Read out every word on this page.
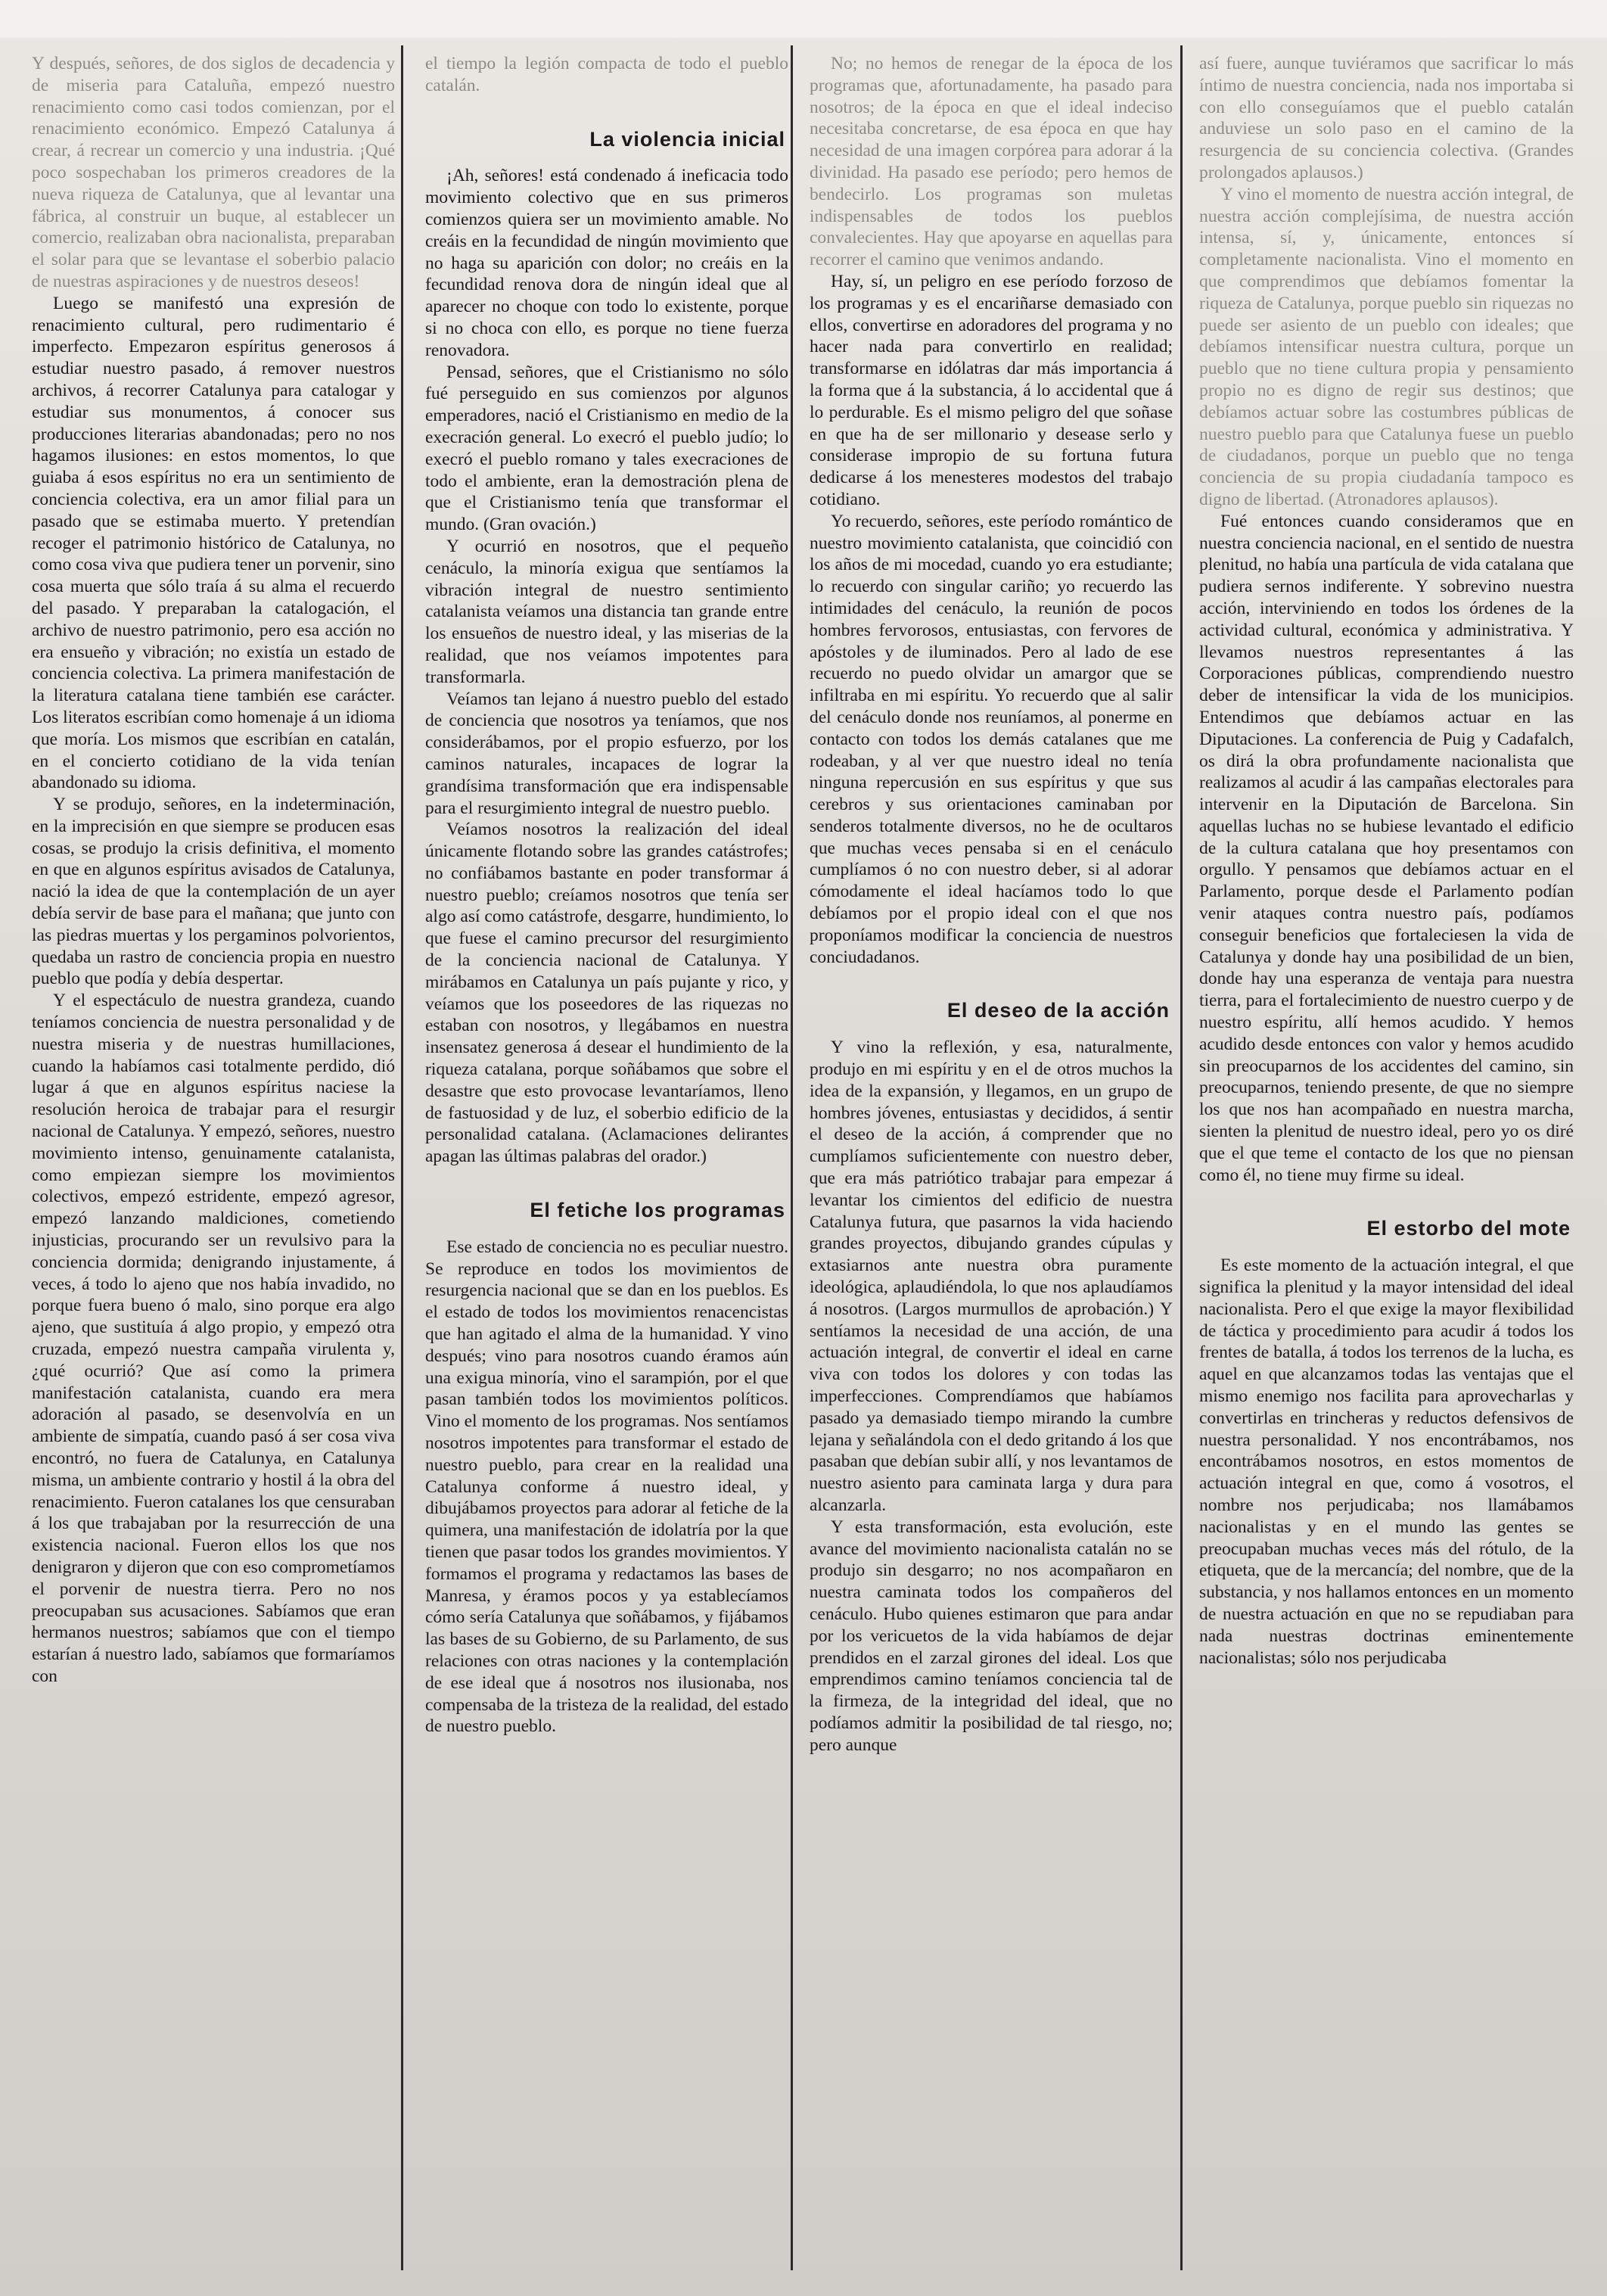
Y después, señores, de dos siglos de decadencia y de miseria para Cataluña, empezó nuestro renacimiento como casi todos comienzan, por el renacimiento económico. Empezó Catalunya á crear, á recrear un comercio y una industria. ¡Qué poco sospechaban los primeros creadores de la nueva riqueza de Catalunya, que al levantar una fábrica, al construir un buque, al establecer un comercio, realizaban obra nacionalista, preparaban el solar para que se levantase el soberbio palacio de nuestras aspiraciones y de nuestros deseos!

Luego se manifestó una expresión de renacimiento cultural, pero rudimentario é imperfecto. Empezaron espíritus generosos á estudiar nuestro pasado, á remover nuestros archivos, á recorrer Catalunya para catalogar y estudiar sus monumentos, á conocer sus producciones literarias abandonadas; pero no nos hagamos ilusiones: en estos momentos, lo que guiaba á esos espíritus no era un sentimiento de conciencia colectiva, era un amor filial para un pasado que se estimaba muerto. Y pretendían recoger el patrimonio histórico de Catalunya, no como cosa viva que pudiera tener un porvenir, sino cosa muerta que sólo traía á su alma el recuerdo del pasado. Y preparaban la catalogación, el archivo de nuestro patrimonio, pero esa acción no era ensueño y vibración; no existía un estado de conciencia colectiva. La primera manifestación de la literatura catalana tiene también ese carácter. Los literatos escribían como homenaje á un idioma que moría. Los mismos que escribían en catalán, en el concierto cotidiano de la vida tenían abandonado su idioma.

Y se produjo, señores, en la indeterminación, en la imprecisión en que siempre se producen esas cosas, se produjo la crisis definitiva, el momento en que en algunos espíritus avisados de Catalunya, nació la idea de que la contemplación de un ayer debía servir de base para el mañana; que junto con las piedras muertas y los pergaminos polvorientos, quedaba un rastro de conciencia propia en nuestro pueblo que podía y debía despertar.

Y el espectáculo de nuestra grandeza, cuando teníamos conciencia de nuestra personalidad y de nuestra miseria y de nuestras humillaciones, cuando la habíamos casi totalmente perdido, dió lugar á que en algunos espíritus naciese la resolución heroica de trabajar para el resurgir nacional de Catalunya. Y empezó, señores, nuestro movimiento intenso, genuinamente catalanista, como empiezan siempre los movimientos colectivos, empezó estridente, empezó agresor, empezó lanzando maldiciones, cometiendo injusticias, procurando ser un revulsivo para la conciencia dormida; denigrando injustamente, á veces, á todo lo ajeno que nos había invadido, no porque fuera bueno ó malo, sino porque era algo ajeno, que sustituía á algo propio, y empezó otra cruzada, empezó nuestra campaña virulenta y, ¿qué ocurrió? Que así como la primera manifestación catalanista, cuando era mera adoración al pasado, se desenvolvía en un ambiente de simpatía, cuando pasó á ser cosa viva encontró, no fuera de Catalunya, en Catalunya misma, un ambiente contrario y hostil á la obra del renacimiento. Fueron catalanes los que censuraban á los que trabajaban por la resurrección de una existencia nacional. Fueron ellos los que nos denigraron y dijeron que con eso comprometíamos el porvenir de nuestra tierra. Pero no nos preocupaban sus acusaciones. Sabíamos que eran hermanos nuestros; sabíamos que con el tiempo estarían á nuestro lado, sabíamos que formaríamos con

el tiempo la legión compacta de todo el pueblo catalán.

La violencia inicial

¡Ah, señores! está condenado á ineficacia todo movimiento colectivo que en sus primeros comienzos quiera ser un movimiento amable. No creáis en la fecundidad de ningún movimiento que no haga su aparición con dolor; no creáis en la fecundidad renova dora de ningún ideal que al aparecer no choque con todo lo existente, porque si no choca con ello, es porque no tiene fuerza renovadora.

Pensad, señores, que el Cristianismo no sólo fué perseguido en sus comienzos por algunos emperadores, nació el Cristianismo en medio de la execración general. Lo execró el pueblo judío; lo execró el pueblo romano y tales execraciones de todo el ambiente, eran la demostración plena de que el Cristianismo tenía que transformar el mundo. (Gran ovación.)

Y ocurrió en nosotros, que el pequeño cenáculo, la minoría exigua que sentíamos la vibración integral de nuestro sentimiento catalanista veíamos una distancia tan grande entre los ensueños de nuestro ideal, y las miserias de la realidad, que nos veíamos impotentes para transformarla.

Veíamos tan lejano á nuestro pueblo del estado de conciencia que nosotros ya teníamos, que nos considerábamos, por el propio esfuerzo, por los caminos naturales, incapaces de lograr la grandísima transformación que era indispensable para el resurgimiento integral de nuestro pueblo.

Veíamos nosotros la realización del ideal únicamente flotando sobre las grandes catástrofes; no confiábamos bastante en poder transformar á nuestro pueblo; creíamos nosotros que tenía ser algo así como catástrofe, desgarre, hundimiento, lo que fuese el camino precursor del resurgimiento de la conciencia nacional de Catalunya. Y mirábamos en Catalunya un país pujante y rico, y veíamos que los poseedores de las riquezas no estaban con nosotros, y llegábamos en nuestra insensatez generosa á desear el hundimiento de la riqueza catalana, porque soñábamos que sobre el desastre que esto provocase levantaríamos, lleno de fastuosidad y de luz, el soberbio edificio de la personalidad catalana. (Aclamaciones delirantes apagan las últimas palabras del orador.)

El fetiche los programas

Ese estado de conciencia no es peculiar nuestro. Se reproduce en todos los movimientos de resurgencia nacional que se dan en los pueblos. Es el estado de todos los movimientos renacencistas que han agitado el alma de la humanidad. Y vino después; vino para nosotros cuando éramos aún una exigua minoría, vino el sarampión, por el que pasan también todos los movimientos políticos. Vino el momento de los programas. Nos sentíamos nosotros impotentes para transformar el estado de nuestro pueblo, para crear en la realidad una Catalunya conforme á nuestro ideal, y dibujábamos proyectos para adorar al fetiche de la quimera, una manifestación de idolatría por la que tienen que pasar todos los grandes movimientos. Y formamos el programa y redactamos las bases de Manresa, y éramos pocos y ya establecíamos cómo sería Catalunya que soñábamos, y fijábamos las bases de su Gobierno, de su Parlamento, de sus relaciones con otras naciones y la contemplación de ese ideal que á nosotros nos ilusionaba, nos compensaba de la tristeza de la realidad, del estado de nuestro pueblo.

No; no hemos de renegar de la época de los programas que, afortunadamente, ha pasado para nosotros; de la época en que el ideal indeciso necesitaba concretarse, de esa época en que hay necesidad de una imagen corpórea para adorar á la divinidad. Ha pasado ese período; pero hemos de bendecirlo. Los programas son muletas indispensables de todos los pueblos convalecientes. Hay que apoyarse en aquellas para recorrer el camino que venimos andando.

Hay, sí, un peligro en ese período forzoso de los programas y es el encariñarse demasiado con ellos, convertirse en adoradores del programa y no hacer nada para convertirlo en realidad; transformarse en idólatras dar más importancia á la forma que á la substancia, á lo accidental que á lo perdurable. Es el mismo peligro del que soñase en que ha de ser millonario y desease serlo y considerase impropio de su fortuna futura dedicarse á los menesteres modestos del trabajo cotidiano.

Yo recuerdo, señores, este período romántico de nuestro movimiento catalanista, que coincidió con los años de mi mocedad, cuando yo era estudiante; lo recuerdo con singular cariño; yo recuerdo las intimidades del cenáculo, la reunión de pocos hombres fervorosos, entusiastas, con fervores de apóstoles y de iluminados. Pero al lado de ese recuerdo no puedo olvidar un amargor que se infiltraba en mi espíritu. Yo recuerdo que al salir del cenáculo donde nos reuníamos, al ponerme en contacto con todos los demás catalanes que me rodeaban, y al ver que nuestro ideal no tenía ninguna repercusión en sus espíritus y que sus cerebros y sus orientaciones caminaban por senderos totalmente diversos, no he de ocultaros que muchas veces pensaba si en el cenáculo cumplíamos ó no con nuestro deber, si al adorar cómodamente el ideal hacíamos todo lo que debíamos por el propio ideal con el que nos proponíamos modificar la conciencia de nuestros conciudadanos.

El deseo de la acción

Y vino la reflexión, y esa, naturalmente, produjo en mi espíritu y en el de otros muchos la idea de la expansión, y llegamos, en un grupo de hombres jóvenes, entusiastas y decididos, á sentir el deseo de la acción, á comprender que no cumplíamos suficientemente con nuestro deber, que era más patriótico trabajar para empezar á levantar los cimientos del edificio de nuestra Catalunya futura, que pasarnos la vida haciendo grandes proyectos, dibujando grandes cúpulas y extasiarnos ante nuestra obra puramente ideológica, aplaudiéndola, lo que nos aplaudíamos á nosotros. (Largos murmullos de aprobación.) Y sentíamos la necesidad de una acción, de una actuación integral, de convertir el ideal en carne viva con todos los dolores y con todas las imperfecciones. Comprendíamos que habíamos pasado ya demasiado tiempo mirando la cumbre lejana y señalándola con el dedo gritando á los que pasaban que debían subir allí, y nos levantamos de nuestro asiento para caminata larga y dura para alcanzarla.

Y esta transformación, esta evolución, este avance del movimiento nacionalista catalán no se produjo sin desgarro; no nos acompañaron en nuestra caminata todos los compañeros del cenáculo. Hubo quienes estimaron que para andar por los vericuetos de la vida habíamos de dejar prendidos en el zarzal girones del ideal. Los que emprendimos camino teníamos conciencia tal de la firmeza, de la integridad del ideal, que no podíamos admitir la posibilidad de tal riesgo, no; pero aunque

así fuere, aunque tuviéramos que sacrificar lo más íntimo de nuestra conciencia, nada nos importaba si con ello conseguíamos que el pueblo catalán anduviese un solo paso en el camino de la resurgencia de su conciencia colectiva. (Grandes prolongados aplausos.)

Y vino el momento de nuestra acción integral, de nuestra acción complejísima, de nuestra acción intensa, sí, y, únicamente, entonces sí completamente nacionalista. Vino el momento en que comprendimos que debíamos fomentar la riqueza de Catalunya, porque pueblo sin riquezas no puede ser asiento de un pueblo con ideales; que debíamos intensificar nuestra cultura, porque un pueblo que no tiene cultura propia y pensamiento propio no es digno de regir sus destinos; que debíamos actuar sobre las costumbres públicas de nuestro pueblo para que Catalunya fuese un pueblo de ciudadanos, porque un pueblo que no tenga conciencia de su propia ciudadanía tampoco es digno de libertad. (Atronadores aplausos).

Fué entonces cuando consideramos que en nuestra conciencia nacional, en el sentido de nuestra plenitud, no había una partícula de vida catalana que pudiera sernos indiferente. Y sobrevino nuestra acción, interviniendo en todos los órdenes de la actividad cultural, económica y administrativa. Y llevamos nuestros representantes á las Corporaciones públicas, comprendiendo nuestro deber de intensificar la vida de los municipios. Entendimos que debíamos actuar en las Diputaciones. La conferencia de Puig y Cadafalch, os dirá la obra profundamente nacionalista que realizamos al acudir á las campañas electorales para intervenir en la Diputación de Barcelona. Sin aquellas luchas no se hubiese levantado el edificio de la cultura catalana que hoy presentamos con orgullo. Y pensamos que debíamos actuar en el Parlamento, porque desde el Parlamento podían venir ataques contra nuestro país, podíamos conseguir beneficios que fortaleciesen la vida de Catalunya y donde hay una posibilidad de un bien, donde hay una esperanza de ventaja para nuestra tierra, para el fortalecimiento de nuestro cuerpo y de nuestro espíritu, allí hemos acudido. Y hemos acudido desde entonces con valor y hemos acudido sin preocuparnos de los accidentes del camino, sin preocuparnos, teniendo presente, de que no siempre los que nos han acompañado en nuestra marcha, sienten la plenitud de nuestro ideal, pero yo os diré que el que teme el contacto de los que no piensan como él, no tiene muy firme su ideal.

El estorbo del mote

Es este momento de la actuación integral, el que significa la plenitud y la mayor intensidad del ideal nacionalista. Pero el que exige la mayor flexibilidad de táctica y procedimiento para acudir á todos los frentes de batalla, á todos los terrenos de la lucha, es aquel en que alcanzamos todas las ventajas que el mismo enemigo nos facilita para aprovecharlas y convertirlas en trincheras y reductos defensivos de nuestra personalidad. Y nos encontrábamos, nos encontrábamos nosotros, en estos momentos de actuación integral en que, como á vosotros, el nombre nos perjudicaba; nos llamábamos nacionalistas y en el mundo las gentes se preocupaban muchas veces más del rótulo, de la etiqueta, que de la mercancía; del nombre, que de la substancia, y nos hallamos entonces en un momento de nuestra actuación en que no se repudiaban para nada nuestras doctrinas eminentemente nacionalistas; sólo nos perjudicaba
